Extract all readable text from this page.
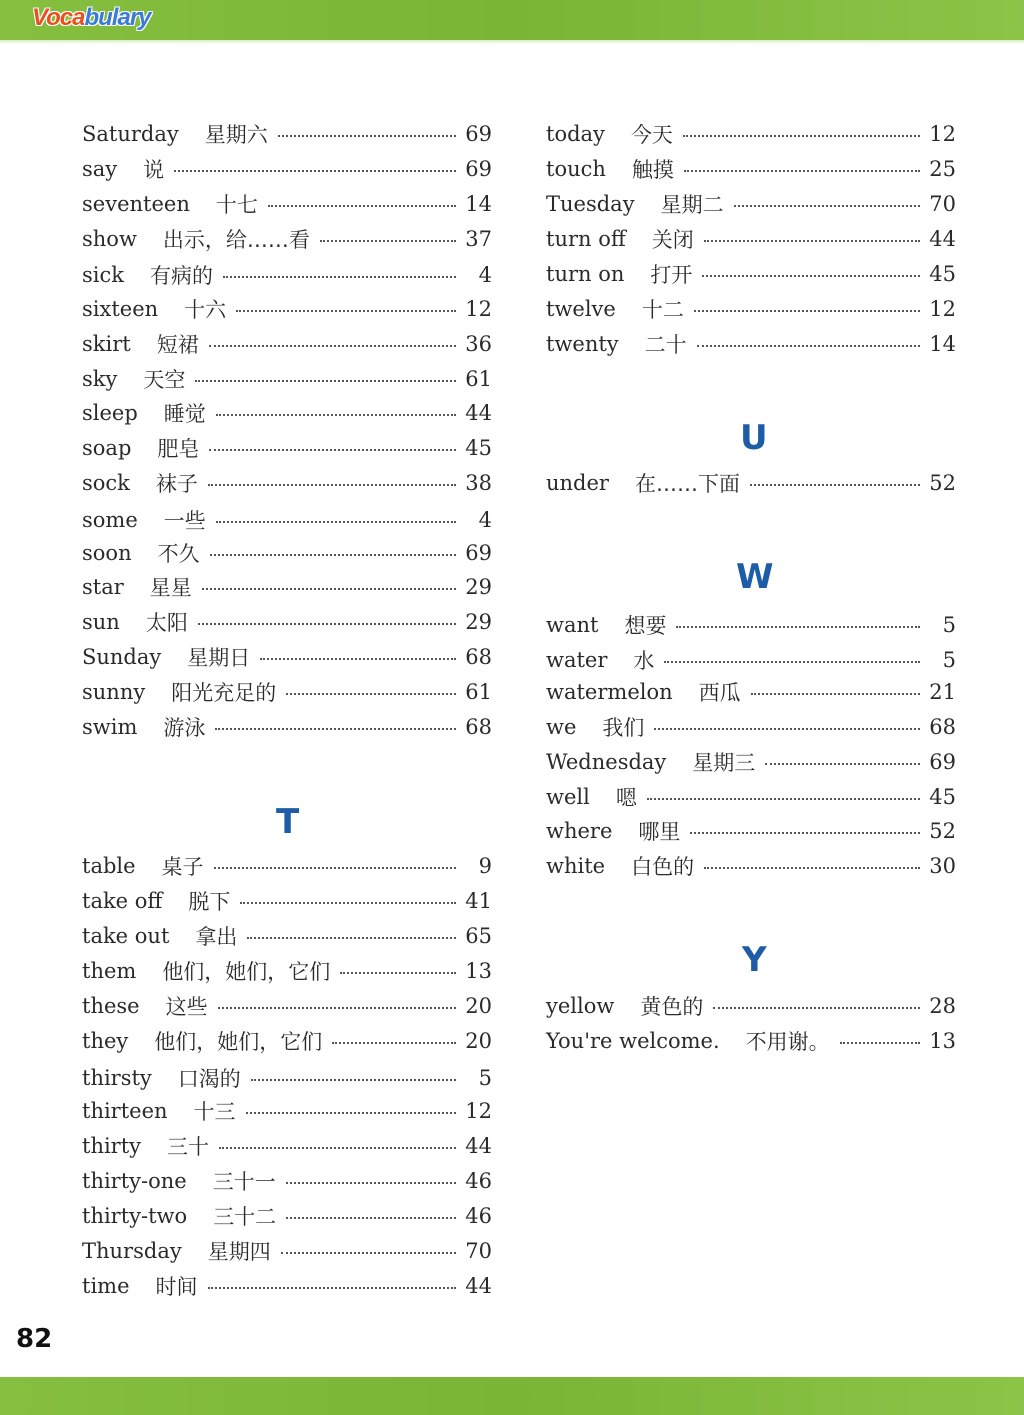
Vocabulary
Saturday 星期六	69
say 说	69
seventeen 十七	14
show 出示，给……看	37
sick 有病的	4
sixteen 十六	12
skirt 短裙	36
sky 天空	61
sleep 睡觉	44
soap 肥皂	45
sock 袜子	38
some 一些	4
soon 不久	69
star 星星	29
sun 太阳	29
Sunday 星期日	68
sunny 阳光充足的	61
swim 游泳	68
T
table 桌子	9
take off 脱下	41
take out 拿出	65
them 他们，她们，它们	13
these 这些	20
they 他们，她们，它们	20
thirsty 口渴的	5
thirteen 十三	12
thirty 三十	44
thirty-one 三十一	46
thirty-two 三十二	46
Thursday 星期四	70
time 时间	44
today 今天	12
touch 触摸	25
Tuesday 星期二	70
turn off 关闭	44
turn on 打开	45
twelve 十二	12
twenty 二十	14
U
under 在……下面	52
W
want 想要	5
water 水	5
watermelon 西瓜	21
we 我们	68
Wednesday 星期三	69
well 嗯	45
where 哪里	52
white 白色的	30
Y
yellow 黄色的	28
You're welcome. 不用谢。	13
82
